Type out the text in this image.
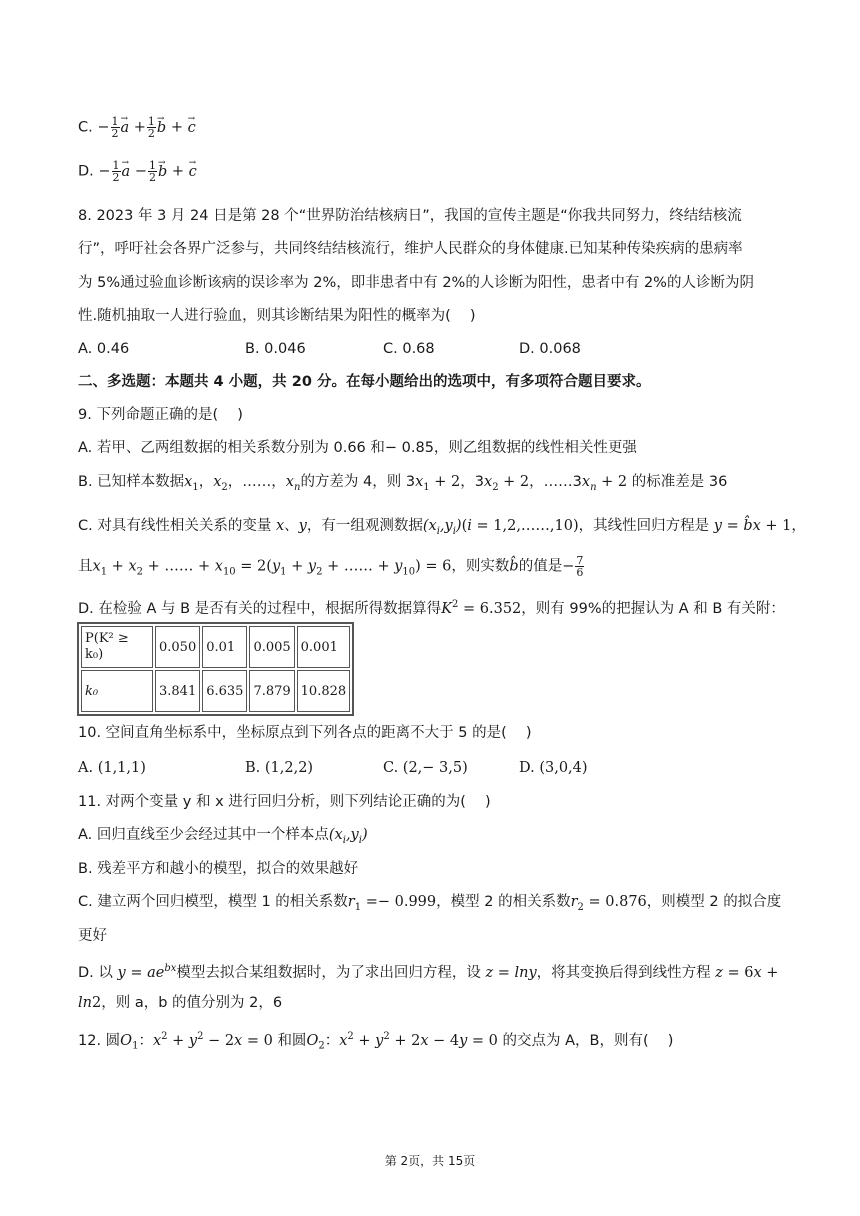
C. − $\frac{1}{2} \to a + \frac{1}{2} \to b$ + → c
D. − $\frac{1}{2} \to a - \frac{1}{2} \to b$ + → c
8. 2023 年 3 月 24 日是第 28 个“世界防治结核病日”，我国的宣传主题是“你我共同努力，终结结核流
行”，呼吁社会各界广泛参与，共同终结结核流行，维护人民群众的身体健康.已知某种传染疾病的患病率
为 5%通过验血诊断该病的误诊率为 2%，即非患者中有 2%的人诊断为阳性，患者中有 2%的人诊断为阴
性.随机抽取一人进行验血，则其诊断结果为阳性的概率为(　 )
A. 0.46	B. 0.046	C. 0.68	D. 0.068
二、多选题：本题共 4 小题，共 20 分。在每小题给出的选项中，有多项符合题目要求。
9. 下列命题正确的是(　 )
A. 若甲、乙两组数据的相关系数分别为 0.66 和− 0.85，则乙组数据的线性相关性更强
B. 已知样本数据$x_1$，$x_2$，……，$x_n$的方差为 4，则 $3x_1 + 2$，$3x_2 + 2$，$\dots\dots 3x_n + 2$ 的标准差是 36
C. 对具有线性相关关系的变量 x、y，有一组观测数据$(x_i,y_i)(i$ = 1,2,……,10)，其线性回归方程是 y = b̂x + 1，
且$x_1 + x_2$ + …… + $x_{10} = 2(y_1 + y_2$ + …… + $y_{10}) = 6$，则实数b̂的值是− $\frac{7}{6}$
D. 在检验 A 与 B 是否有关的过程中，根据所得数据算得$K^2 = 6.352$，则有 99%的把握认为 A 和 B 有关附：
P(K² ≥ k₀)	0.050	0.01	0.005	0.001
k₀	3.841	6.635	7.879	10.828
10. 空间直角坐标系中，坐标原点到下列各点的距离不大于 5 的是(　 )
A. (1,1,1)	B. (1,2,2)	C. (2,− 3,5)	D. (3,0,4)
11. 对两个变量 y 和 x 进行回归分析，则下列结论正确的为(　 )
A. 回归直线至少会经过其中一个样本点$(x_i,y_i)$
B. 残差平方和越小的模型，拟合的效果越好
C. 建立两个回归模型，模型 1 的相关系数$r_1 =- 0.999$，模型 2 的相关系数$r_2 = 0.876$，则模型 2 的拟合度
更好
D. 以 $y = ae^{bx}$模型去拟合某组数据时，为了求出回归方程，设 z = lny，将其变换后得到线性方程 z = 6x +
ln2，则 a，b 的值分别为 2，6
12. 圆$O_1$：$x^2 + y^2 - 2x = 0$ 和圆$O_2$：$x^2 + y^2 + 2x - 4y = 0$ 的交点为 A，B，则有(　 )
第 2页，共 15页
